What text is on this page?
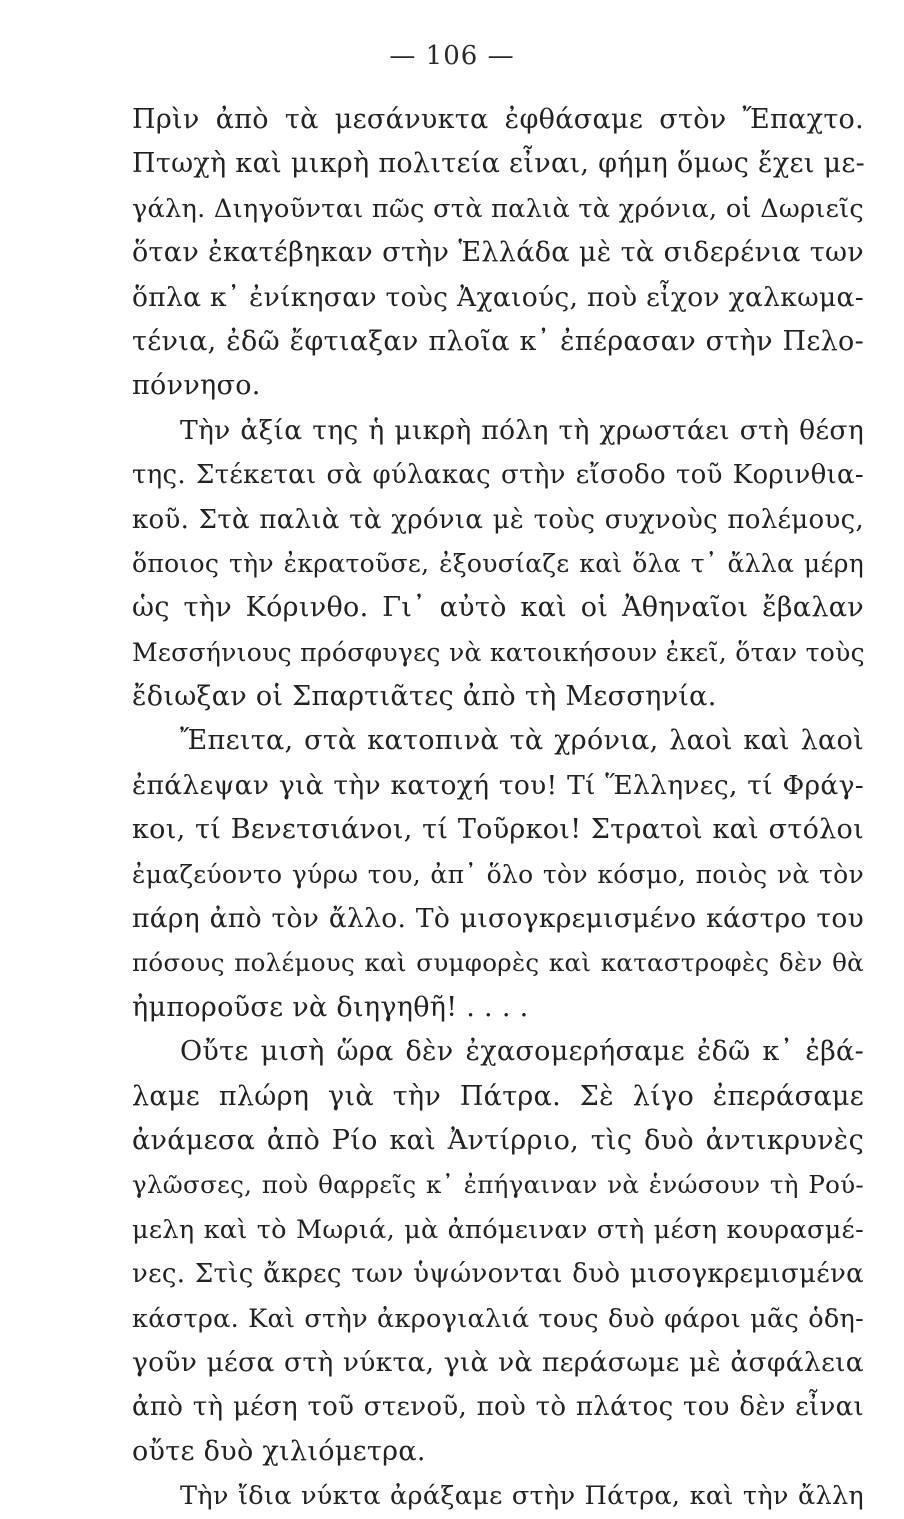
— 106 —
Πρὶν ἀπὸ τὰ μεσάνυκτα ἐφθάσαμε στὸν Ἔπαχτο.
Πτωχὴ καὶ μικρὴ πολιτεία εἶναι, φήμη ὅμως ἔχει με-
γάλη. Διηγοῦνται πῶς στὰ παλιὰ τὰ χρόνια, οἱ Δωριεῖς
ὅταν ἐκατέβηκαν στὴν Ἑλλάδα μὲ τὰ σιδερένια των
ὅπλα κ᾿ ἐνίκησαν τοὺς Ἀχαιούς, ποὺ εἶχον χαλκωμα-
τένια, ἐδῶ ἔφτιαξαν πλοῖα κ᾿ ἐπέρασαν στὴν Πελο-
πόννησο.
Τὴν ἀξία της ἡ μικρὴ πόλη τὴ χρωστάει στὴ θέση
της. Στέκεται σὰ φύλακας στὴν εἴσοδο τοῦ Κορινθια-
κοῦ. Στὰ παλιὰ τὰ χρόνια μὲ τοὺς συχνοὺς πολέμους,
ὅποιος τὴν ἐκρατοῦσε, ἐξουσίαζε καὶ ὅλα τ᾿ ἄλλα μέρη
ὡς τὴν Κόρινθο. Γι᾿ αὐτὸ καὶ οἱ Ἀθηναῖοι ἔβαλαν
Μεσσήνιους πρόσφυγες νὰ κατοικήσουν ἐκεῖ, ὅταν τοὺς
ἔδιωξαν οἱ Σπαρτιᾶτες ἀπὸ τὴ Μεσσηνία.
Ἔπειτα, στὰ κατοπινὰ τὰ χρόνια, λαοὶ καὶ λαοὶ
ἐπάλεψαν γιὰ τὴν κατοχή του! Τί Ἕλληνες, τί Φράγ-
κοι, τί Βενετσιάνοι, τί Τοῦρκοι! Στρατοὶ καὶ στόλοι
ἐμαζεύοντο γύρω του, ἀπ᾿ ὅλο τὸν κόσμο, ποιὸς νὰ τὸν
πάρη ἀπὸ τὸν ἄλλο. Τὸ μισογκρεμισμένο κάστρο του
πόσους πολέμους καὶ συμφορὲς καὶ καταστροφὲς δὲν θὰ
ἠμποροῦσε νὰ διηγηθῆ! . . . .
Οὔτε μισὴ ὥρα δὲν ἐχασομερήσαμε ἐδῶ κ᾿ ἐβά-
λαμε πλώρη γιὰ τὴν Πάτρα. Σὲ λίγο ἐπεράσαμε
ἀνάμεσα ἀπὸ Ρίο καὶ Ἀντίρριο, τὶς δυὸ ἀντικρυνὲς
γλῶσσες, ποὺ θαρρεῖς κ᾿ ἐπήγαιναν νὰ ἑνώσουν τὴ Ρού-
μελη καὶ τὸ Μωριά, μὰ ἀπόμειναν στὴ μέση κουρασμέ-
νες. Στὶς ἄκρες των ὑψώνονται δυὸ μισογκρεμισμένα
κάστρα. Καὶ στὴν ἀκρογιαλιά τους δυὸ φάροι μᾶς ὁδη-
γοῦν μέσα στὴ νύκτα, γιὰ νὰ περάσωμε μὲ ἀσφάλεια
ἀπὸ τὴ μέση τοῦ στενοῦ, ποὺ τὸ πλάτος του δὲν εἶναι
οὔτε δυὸ χιλιόμετρα.
Τὴν ἴδια νύκτα ἀράξαμε στὴν Πάτρα, καὶ τὴν ἄλλη
